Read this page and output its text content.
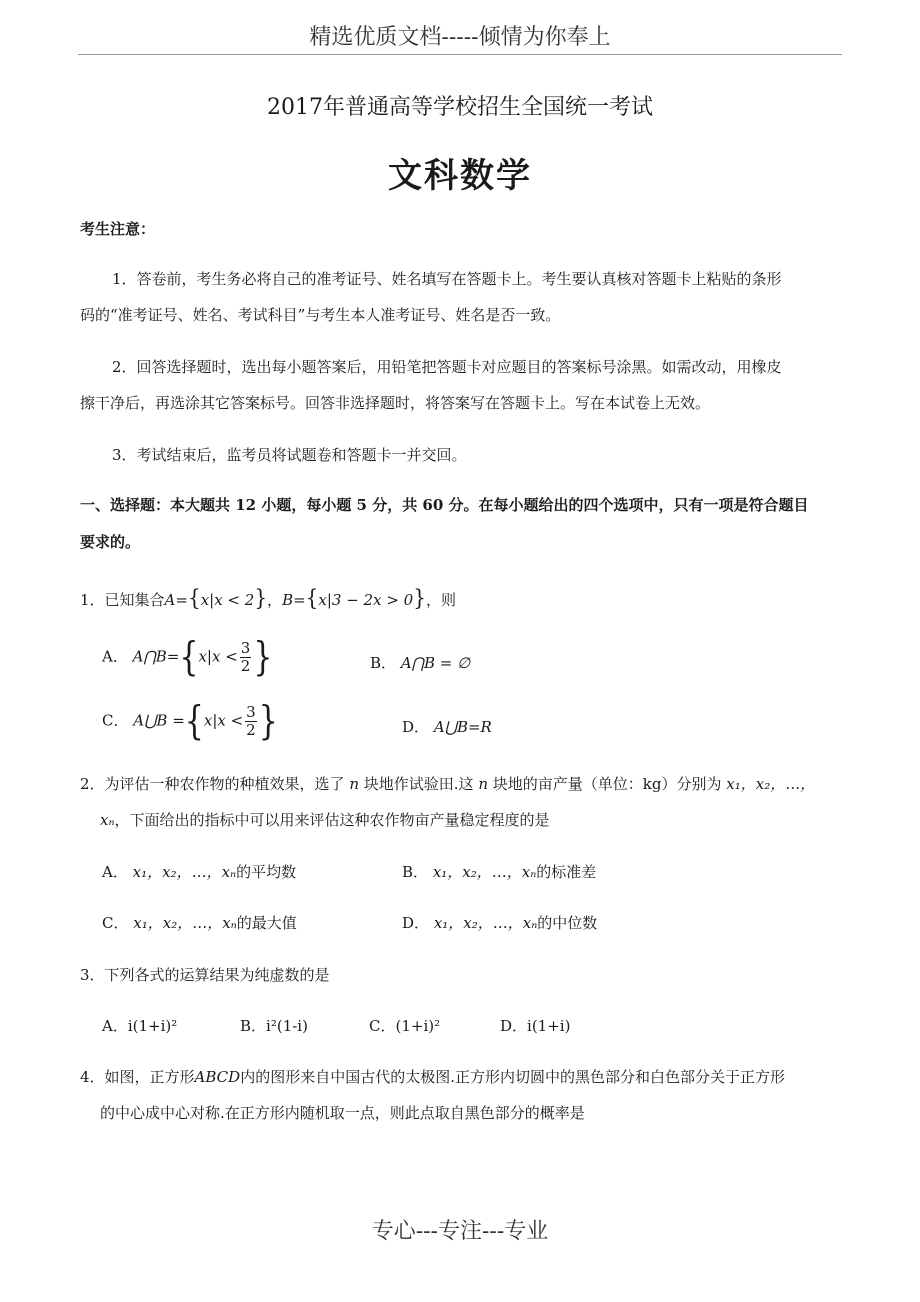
精选优质文档-----倾情为你奉上
2017年普通高等学校招生全国统一考试
文科数学
考生注意：
1．答卷前，考生务必将自己的准考证号、姓名填写在答题卡上。考生要认真核对答题卡上粘贴的条形
码的“准考证号、姓名、考试科目”与考生本人准考证号、姓名是否一致。
2．回答选择题时，选出每小题答案后，用铅笔把答题卡对应题目的答案标号涂黑。如需改动，用橡皮
擦干净后，再选涂其它答案标号。回答非选择题时，将答案写在答题卡上。写在本试卷上无效。
3．考试结束后，监考员将试题卷和答题卡一并交回。
一、选择题：本大题共 12 小题，每小题 5 分，共 60 分。在每小题给出的四个选项中，只有一项是符合题目
要求的。
1．已知集合A={x|x < 2}，B={x|3 − 2x > 0}，则
A． A⋂B={x|x < $\frac{3}{2}$ }	B． A⋂B = ∅
C． A⋃B $=\{x|x < \frac{3}{2}$ }	D． A⋃B=R
2．为评估一种农作物的种植效果，选了 n 块地作试验田.这 n 块地的亩产量（单位：kg）分别为 x₁，x₂，…，
xₙ，下面给出的指标中可以用来评估这种农作物亩产量稳定程度的是
A． x₁，x₂，…，xₙ的平均数	B． x₁，x₂，…，xₙ的标准差
C． x₁，x₂，…，xₙ的最大值	D． x₁，x₂，…，xₙ的中位数
3．下列各式的运算结果为纯虚数的是
A．i(1+i)²	B．i²(1-i)	C．(1+i)²	D．i(1+i)
4．如图，正方形ABCD内的图形来自中国古代的太极图.正方形内切圆中的黑色部分和白色部分关于正方形
的中心成中心对称.在正方形内随机取一点，则此点取自黑色部分的概率是
专心---专注---专业
